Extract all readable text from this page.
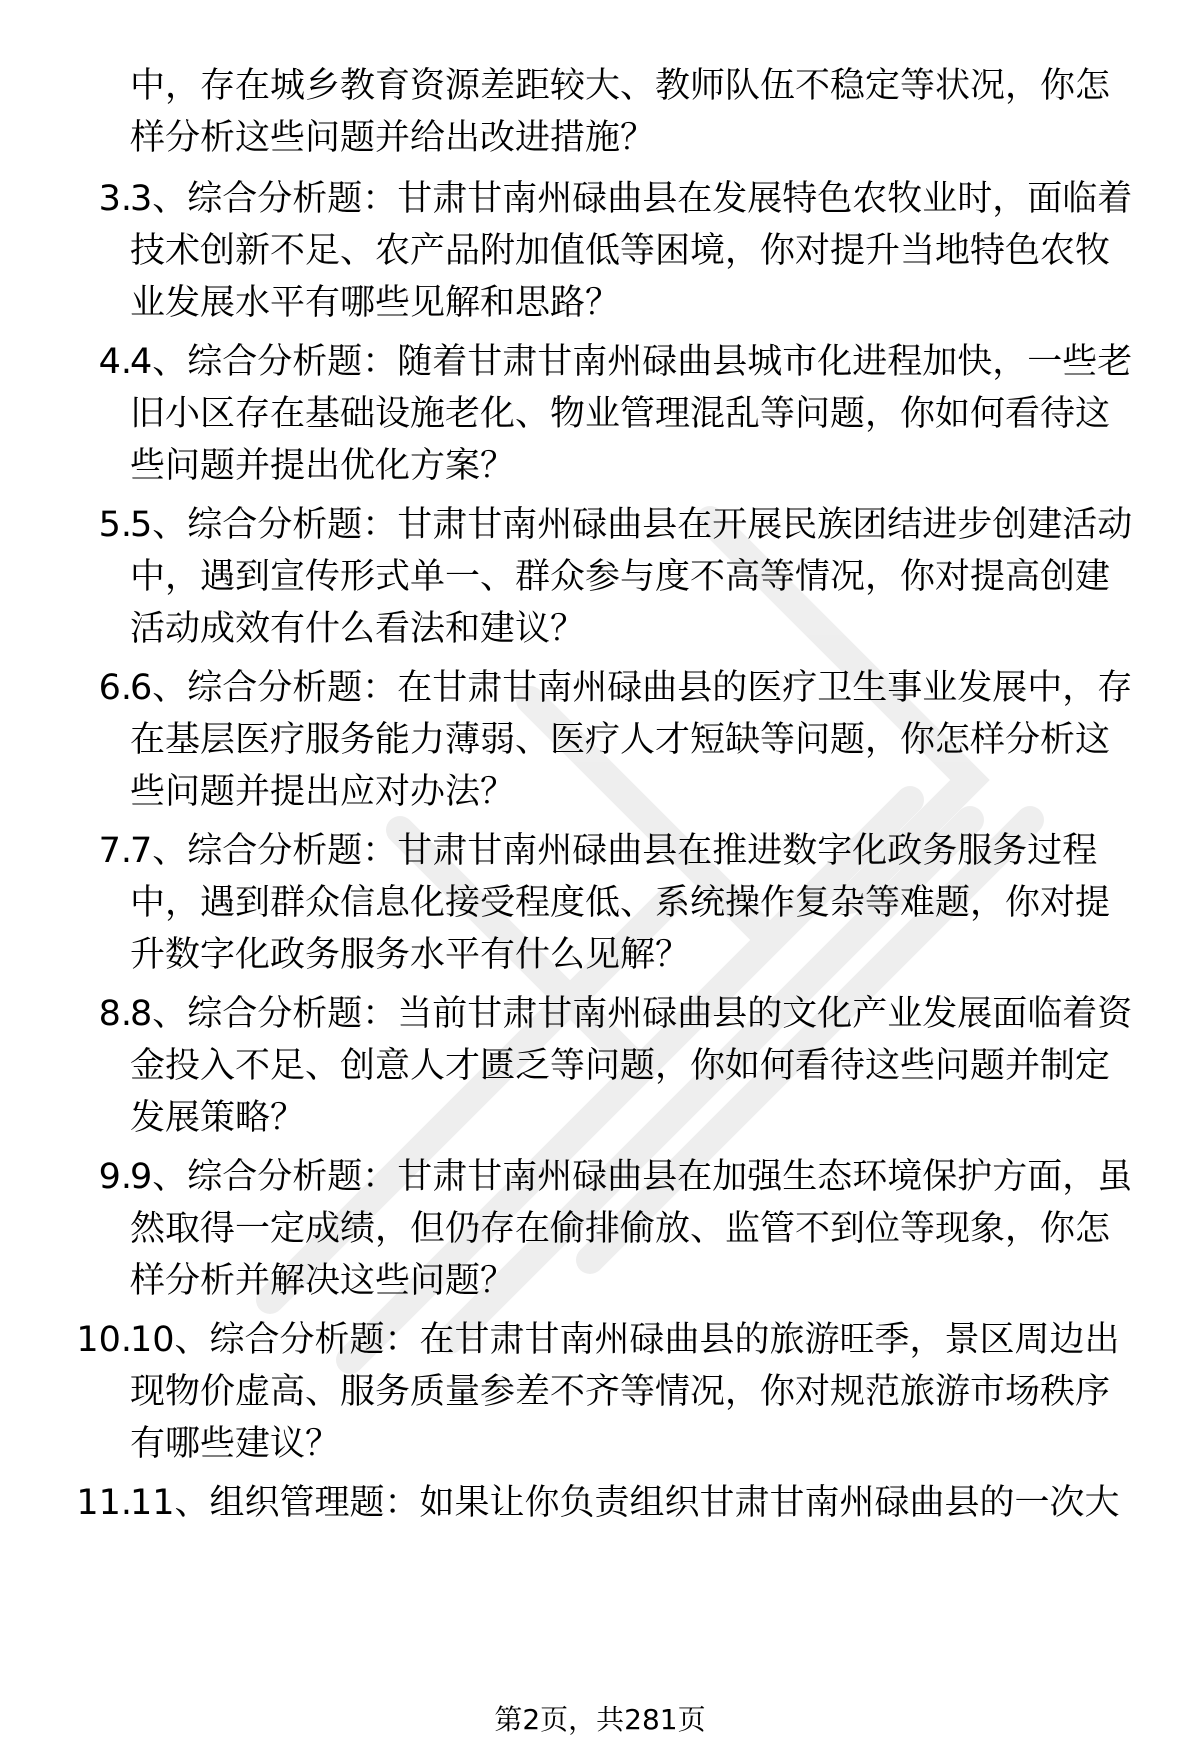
中，存在城乡教育资源差距较大、教师队伍不稳定等状况，你怎
样分析这些问题并给出改进措施？
3.
3、综合分析题：甘肃甘南州碌曲县在发展特色农牧业时，面临着
技术创新不足、农产品附加值低等困境，你对提升当地特色农牧
业发展水平有哪些见解和思路？
4.
4、综合分析题：随着甘肃甘南州碌曲县城市化进程加快，一些老
旧小区存在基础设施老化、物业管理混乱等问题，你如何看待这
些问题并提出优化方案？
5.
5、综合分析题：甘肃甘南州碌曲县在开展民族团结进步创建活动
中，遇到宣传形式单一、群众参与度不高等情况，你对提高创建
活动成效有什么看法和建议？
6.
6、综合分析题：在甘肃甘南州碌曲县的医疗卫生事业发展中，存
在基层医疗服务能力薄弱、医疗人才短缺等问题，你怎样分析这
些问题并提出应对办法？
7.
7、综合分析题：甘肃甘南州碌曲县在推进数字化政务服务过程
中，遇到群众信息化接受程度低、系统操作复杂等难题，你对提
升数字化政务服务水平有什么见解？
8.
8、综合分析题：当前甘肃甘南州碌曲县的文化产业发展面临着资
金投入不足、创意人才匮乏等问题，你如何看待这些问题并制定
发展策略？
9.
9、综合分析题：甘肃甘南州碌曲县在加强生态环境保护方面，虽
然取得一定成绩，但仍存在偷排偷放、监管不到位等现象，你怎
样分析并解决这些问题？
10.
10、综合分析题：在甘肃甘南州碌曲县的旅游旺季，景区周边出
现物价虚高、服务质量参差不齐等情况，你对规范旅游市场秩序
有哪些建议？
11.
11、组织管理题：如果让你负责组织甘肃甘南州碌曲县的一次大
第2页，共281页
